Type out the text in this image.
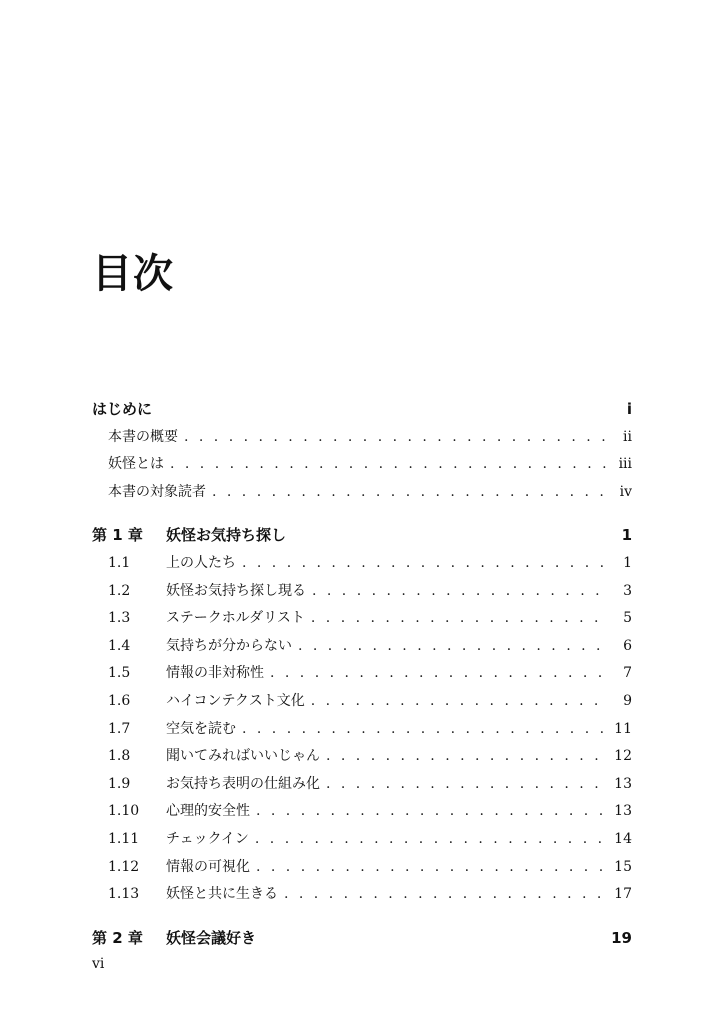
目次
はじめに	i
本書の概要 . . .	ii
妖怪とは . . .	iii
本書の対象読者 . . .	iv
第 1 章	妖怪お気持ち探し	1
1.1	上の人たち . . .	1
1.2	妖怪お気持ち探し現る . . .	3
1.3	ステークホルダリスト . . .	5
1.4	気持ちが分からない . . .	6
1.5	情報の非対称性 . . .	7
1.6	ハイコンテクスト文化 . . .	9
1.7	空気を読む . . .	11
1.8	聞いてみればいいじゃん . . .	12
1.9	お気持ち表明の仕組み化 . . .	13
1.10	心理的安全性 . . .	13
1.11	チェックイン . . .	14
1.12	情報の可視化 . . .	15
1.13	妖怪と共に生きる . . .	17
第 2 章	妖怪会議好き	19
vi
